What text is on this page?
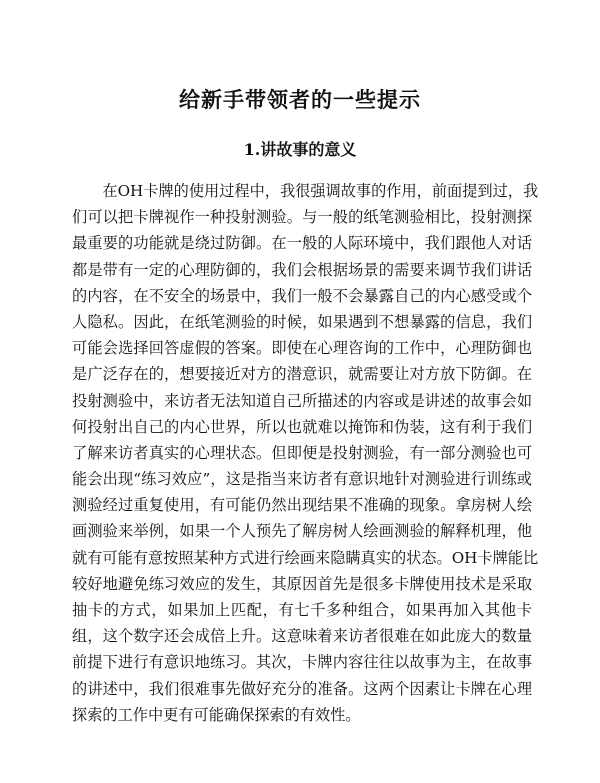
给新手带领者的一些提示
1.讲故事的意义
　　在OH卡牌的使用过程中，我很强调故事的作用，前面提到过，我
们可以把卡牌视作一种投射测验。与一般的纸笔测验相比，投射测探
最重要的功能就是绕过防御。在一般的人际环境中，我们跟他人对话
都是带有一定的心理防御的，我们会根据场景的需要来调节我们讲话
的内容，在不安全的场景中，我们一般不会暴露自己的内心感受或个
人隐私。因此，在纸笔测验的时候，如果遇到不想暴露的信息，我们
可能会选择回答虚假的答案。即使在心理咨询的工作中，心理防御也
是广泛存在的，想要接近对方的潜意识，就需要让对方放下防御。在
投射测验中，来访者无法知道自己所描述的内容或是讲述的故事会如
何投射出自己的内心世界，所以也就难以掩饰和伪装，这有利于我们
了解来访者真实的心理状态。但即便是投射测验，有一部分测验也可
能会出现“练习效应”，这是指当来访者有意识地针对测验进行训练或
测验经过重复使用，有可能仍然出现结果不准确的现象。拿房树人绘
画测验来举例，如果一个人预先了解房树人绘画测验的解释机理，他
就有可能有意按照某种方式进行绘画来隐瞒真实的状态。OH卡牌能比
较好地避免练习效应的发生，其原因首先是很多卡牌使用技术是采取
抽卡的方式，如果加上匹配，有七千多种组合，如果再加入其他卡
组，这个数字还会成倍上升。这意味着来访者很难在如此庞大的数量
前提下进行有意识地练习。其次，卡牌内容往往以故事为主，在故事
的讲述中，我们很难事先做好充分的准备。这两个因素让卡牌在心理
探索的工作中更有可能确保探索的有效性。
